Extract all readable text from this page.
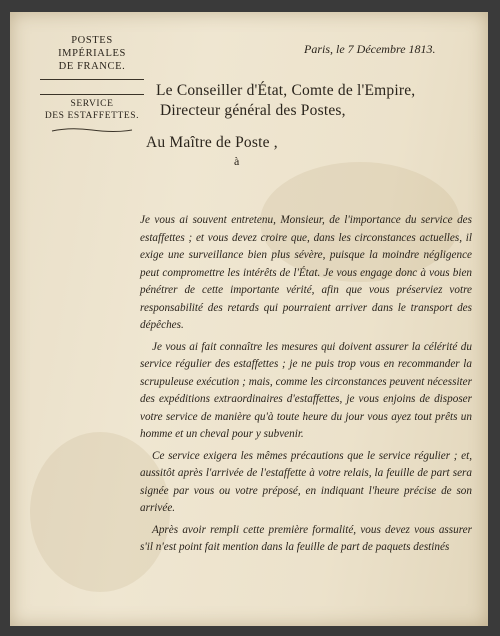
POSTES
IMPÉRIALES
DE FRANCE.
SERVICE
DES ESTAFFETTES.
Paris, le 7 Décembre 1813.
Le Conseiller d'État, Comte de l'Empire,
Directeur général des Postes,
Au Maître de Poste ,
à

Je vous ai souvent entretenu, Monsieur, de l'importance du service des estaffettes ; et vous devez croire que, dans les circonstances actuelles, il exige une surveillance bien plus sévère, puisque la moindre négligence peut compromettre les intérêts de l'État. Je vous engage donc à vous bien pénétrer de cette importante vérité, afin que vous préserviez votre responsabilité des retards qui pourraient arriver dans le transport des dépêches.

Je vous ai fait connaître les mesures qui doivent assurer la célérité du service régulier des estaffettes ; je ne puis trop vous en recommander la scrupuleuse exécution ; mais, comme les circonstances peuvent nécessiter des expéditions extraordinaires d'estaffettes, je vous enjoins de disposer votre service de manière qu'à toute heure du jour vous ayez tout prêts un homme et un cheval pour y subvenir.

Ce service exigera les mêmes précautions que le service régulier ; et, aussitôt après l'arrivée de l'estaffette à votre relais, la feuille de part sera signée par vous ou votre préposé, en indiquant l'heure précise de son arrivée.

Après avoir rempli cette première formalité, vous devez vous assurer s'il n'est point fait mention dans la feuille de part de paquets destinés
